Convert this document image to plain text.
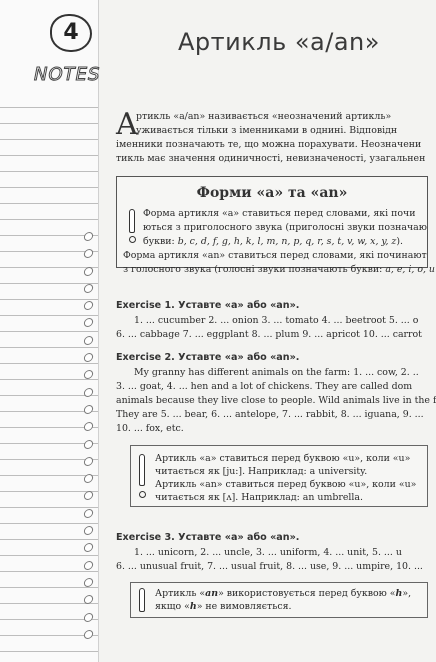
4
NOTES
Артикль «a/an»
A
ртикль «a/an» називається «неозначений артикль»
уживається тільки з іменниками в однині. Відповідн
іменники позначають те, що можна порахувати. Неозначени
тикль має значення одиничності, невизначеності, узагальнен
Форми «a» та «an»
Форма артикля «a» ставиться перед словами, які почи
ються з приголосного звука (приголосні звуки позначаю
букви: b, c, d, f, g, h, k, l, m, n, p, q, r, s, t, v, w, x, y, z).
Форма артикля «an» ставиться перед словами, які починают
з голосного звука (голосні звуки позначають букви: a, e, i, o, u
Exercise 1. Уставте «a» або «an».
1. ... cucumber 2. ... onion 3. ... tomato 4. ... beetroot 5. ... o
6. ... cabbage 7. ... eggplant 8. ... plum 9. ... apricot 10. ... carrot
Exercise 2. Уставте «a» або «an».
My granny has different animals on the farm: 1. ... cow, 2. ..
3. ... goat, 4. ... hen and a lot of chickens. They are called dom
animals because they live close to people. Wild animals live in the f
They are 5. ... bear, 6. ... antelope, 7. ... rabbit, 8. ... iguana, 9. ...
10. ... fox, etc.
Артикль «a» ставиться перед буквою «u», коли «u»
читається як [ju:]. Наприклад: a university.
Артикль «an» ставиться перед буквою «u», коли «u»
читається як [ʌ]. Наприклад: an umbrella.
Exercise 3. Уставте «a» або «an».
1. ... unicorn, 2. ... uncle, 3. ... uniform, 4. ... unit, 5. ... u
6. ... unusual fruit, 7. ... usual fruit, 8. ... use, 9. ... umpire, 10. ...
Артикль «an» використовується перед буквою «h»,
якщо «h» не вимовляється.
